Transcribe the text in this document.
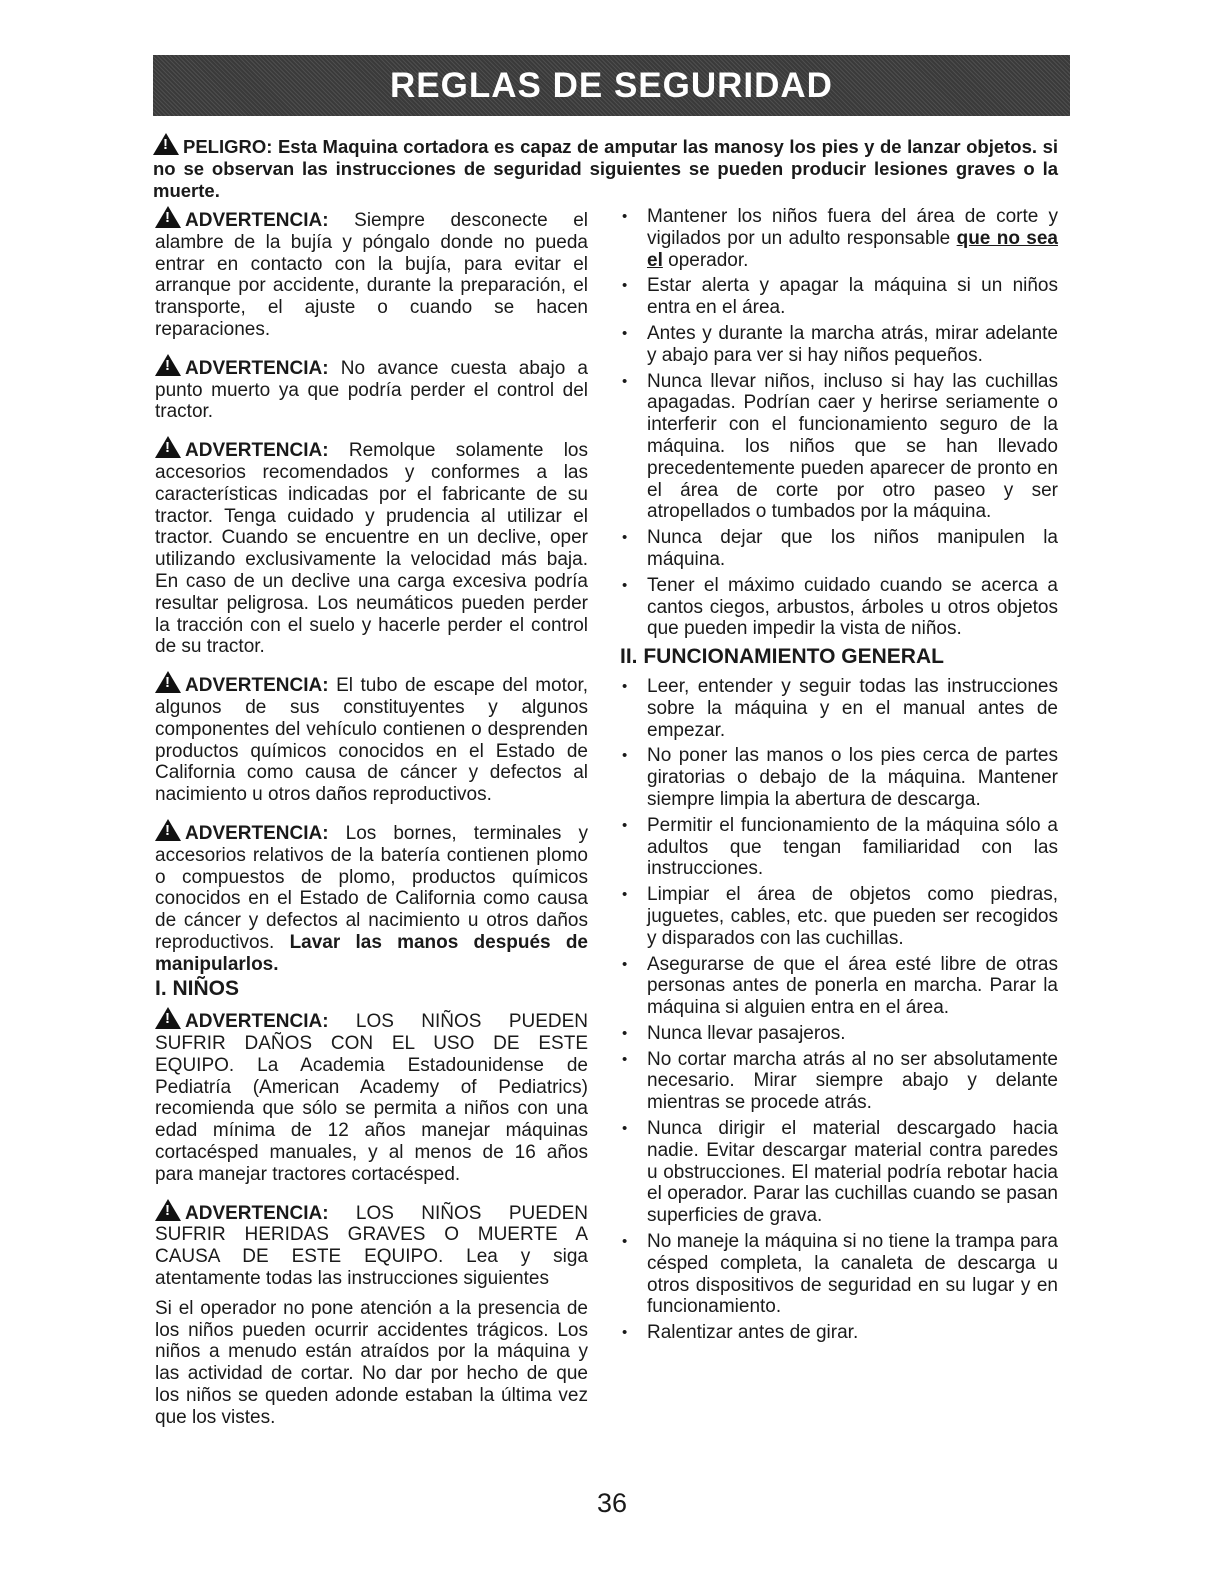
REGLAS DE SEGURIDAD
!PELIGRO: Esta Maquina cortadora es capaz de amputar las manosy los pies y de lanzar objetos. si no se observan las instrucciones de seguridad siguientes se pueden producir lesiones graves o la muerte.

!ADVERTENCIA: Siempre desconecte el alambre de la bujía y póngalo donde no pueda entrar en contacto con la bujía, para evitar el arranque por accidente, durante la preparación, el transporte, el ajuste o cuando se hacen reparaciones.

!ADVERTENCIA: No avance cuesta abajo a punto muerto ya que podría perder el control del tractor.

!ADVERTENCIA: Remolque solamente los accesorios recomendados y conformes a las características indicadas por el fabricante de su tractor. Tenga cuidado y prudencia al utilizar el tractor. Cuando se encuentre en un declive, oper utilizando exclusivamente la velocidad más baja. En caso de un declive una carga excesiva podría resultar peligrosa. Los neumáticos pueden perder la tracción con el suelo y hacerle perder el control de su tractor.

!ADVERTENCIA: El tubo de escape del motor, algunos de sus constituyentes y algunos componentes del vehículo contienen o desprenden productos químicos conocidos en el Estado de California como causa de cáncer y defectos al nacimiento u otros daños reproductivos.

!ADVERTENCIA: Los bornes, terminales y accesorios relativos de la batería contienen plomo o compuestos de plomo, productos químicos conocidos en el Estado de California como causa de cáncer y defectos al nacimiento u otros daños reproductivos. Lavar las manos después de manipularlos.

I. NIÑOS

!ADVERTENCIA: LOS NIÑOS PUEDEN SUFRIR DAÑOS CON EL USO DE ESTE EQUIPO. La Academia Estadounidense de Pediatría (American Academy of Pediatrics) recomienda que sólo se permita a niños con una edad mínima de 12 años manejar máquinas cortacésped manuales, y al menos de 16 años para manejar tractores cortacésped.

!ADVERTENCIA: LOS NIÑOS PUEDEN SUFRIR HERIDAS GRAVES O MUERTE A CAUSA DE ESTE EQUIPO. Lea y siga atentamente todas las instrucciones siguientes

Si el operador no pone atención a la presencia de los niños pueden ocurrir accidentes trágicos. Los niños a menudo están atraídos por la máquina y las actividad de cortar. No dar por hecho de que los niños se queden adonde estaban la última vez que los vistes.

• Mantener los niños fuera del área de corte y vigilados por un adulto responsable que no sea el operador.
• Estar alerta y apagar la máquina si un niños entra en el área.
• Antes y durante la marcha atrás, mirar adelante y abajo para ver si hay niños pequeños.
• Nunca llevar niños, incluso si hay las cuchillas apagadas. Podrían caer y herirse seriamente o interferir con el funcionamiento seguro de la máquina. los niños que se han llevado precedentemente pueden aparecer de pronto en el área de corte por otro paseo y ser atropellados o tumbados por la máquina.
• Nunca dejar que los niños manipulen la máquina.
• Tener el máximo cuidado cuando se acerca a cantos ciegos, arbustos, árboles u otros objetos que pueden impedir la vista de niños.
II. FUNCIONAMIENTO GENERAL
• Leer, entender y seguir todas las instrucciones sobre la máquina y en el manual antes de empezar.
• No poner las manos o los pies cerca de partes giratorias o debajo de la máquina. Mantener siempre limpia la abertura de descarga.
• Permitir el funcionamiento de la máquina sólo a adultos que tengan familiaridad con las instrucciones.
• Limpiar el área de objetos como piedras, juguetes, cables, etc. que pueden ser recogidos y disparados con las cuchillas.
• Asegurarse de que el área esté libre de otras personas antes de ponerla en marcha. Parar la máquina si alguien entra en el área.
• Nunca llevar pasajeros.
• No cortar marcha atrás al no ser absolutamente necesario. Mirar siempre abajo y delante mientras se procede atrás.
• Nunca dirigir el material descargado hacia nadie. Evitar descargar material contra paredes u obstrucciones. El material podría rebotar hacia el operador. Parar las cuchillas cuando se pasan superficies de grava.
• No maneje la máquina si no tiene la trampa para césped completa, la canaleta de descarga u otros dispositivos de seguridad en su lugar y en funcionamiento.
• Ralentizar antes de girar.
36
